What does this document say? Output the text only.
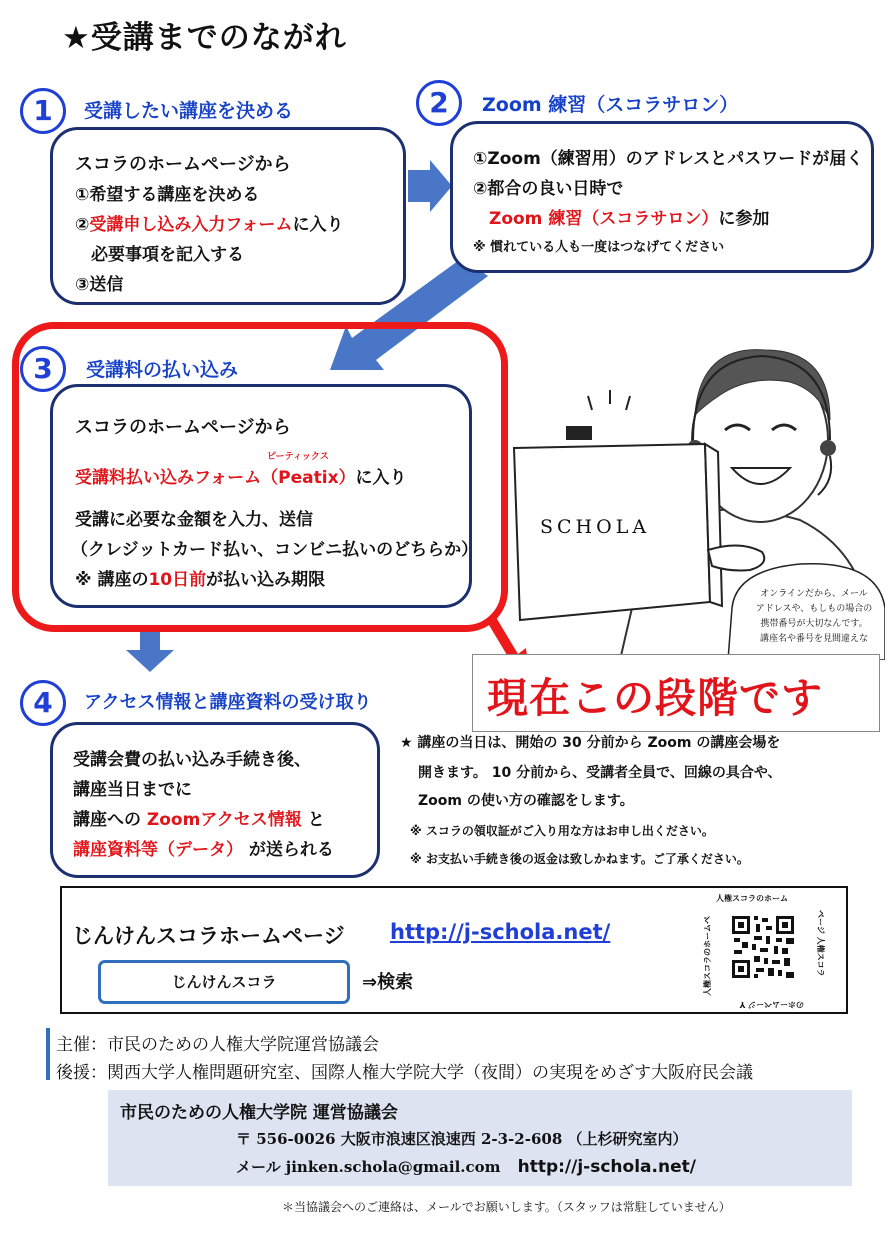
★受講までのながれ
1	受講したい講座を決める
スコラのホームページから
①希望する講座を決める
②受講申し込み入力フォームに入り
必要事項を記入する
③送信
2	Zoom 練習（スコラサロン）
①Zoom（練習用）のアドレスとパスワードが届く
②都合の良い日時で
Zoom 練習（スコラサロン）に参加
※ 慣れている人も一度はつなげてください
3	受講料の払い込み
スコラのホームページから
ピーティックス
受講料払い込みフォーム（Peatix）に入り
受講に必要な金額を入力、送信
（クレジットカード払い、コンビニ払いのどちらか）
※ 講座の10日前が払い込み期限
SCHOLA
オンラインだから、メール
アドレスや、もしもの場合の
携帯番号が大切なんです。
講座名や番号を見間違えな
現在この段階です
4	アクセス情報と講座資料の受け取り
受講会費の払い込み手続き後、
講座当日までに
講座への Zoomアクセス情報 と
講座資料等（データ） が送られる
★ 講座の当日は、開始の 30 分前から Zoom の講座会場を
開きます。 10 分前から、受講者全員で、回線の具合や、
Zoom の使い方の確認をします。
※ スコラの領収証がご入り用な方はお申し出ください。
※ お支払い手続き後の返金は致しかねます。ご了承ください。
じんけんスコラホームページ http://j-schola.net/
じんけんスコラ	⇒検索
人権スコラのホーム
ページ 人権スコラ
のホームページ Y
人権スコラのホームペ
主催：市民のための人権大学院運営協議会
後援：関西大学人権問題研究室、国際人権大学院大学（夜間）の実現をめざす大阪府民会議
市民のための人権大学院 運営協議会
〒 556-0026 大阪市浪速区浪速西 2-3-2-608 （上杉研究室内）
メール jinken.schola@gmail.com http://j-schola.net/
＊当協議会へのご連絡は、メールでお願いします。（スタッフは常駐していません）
